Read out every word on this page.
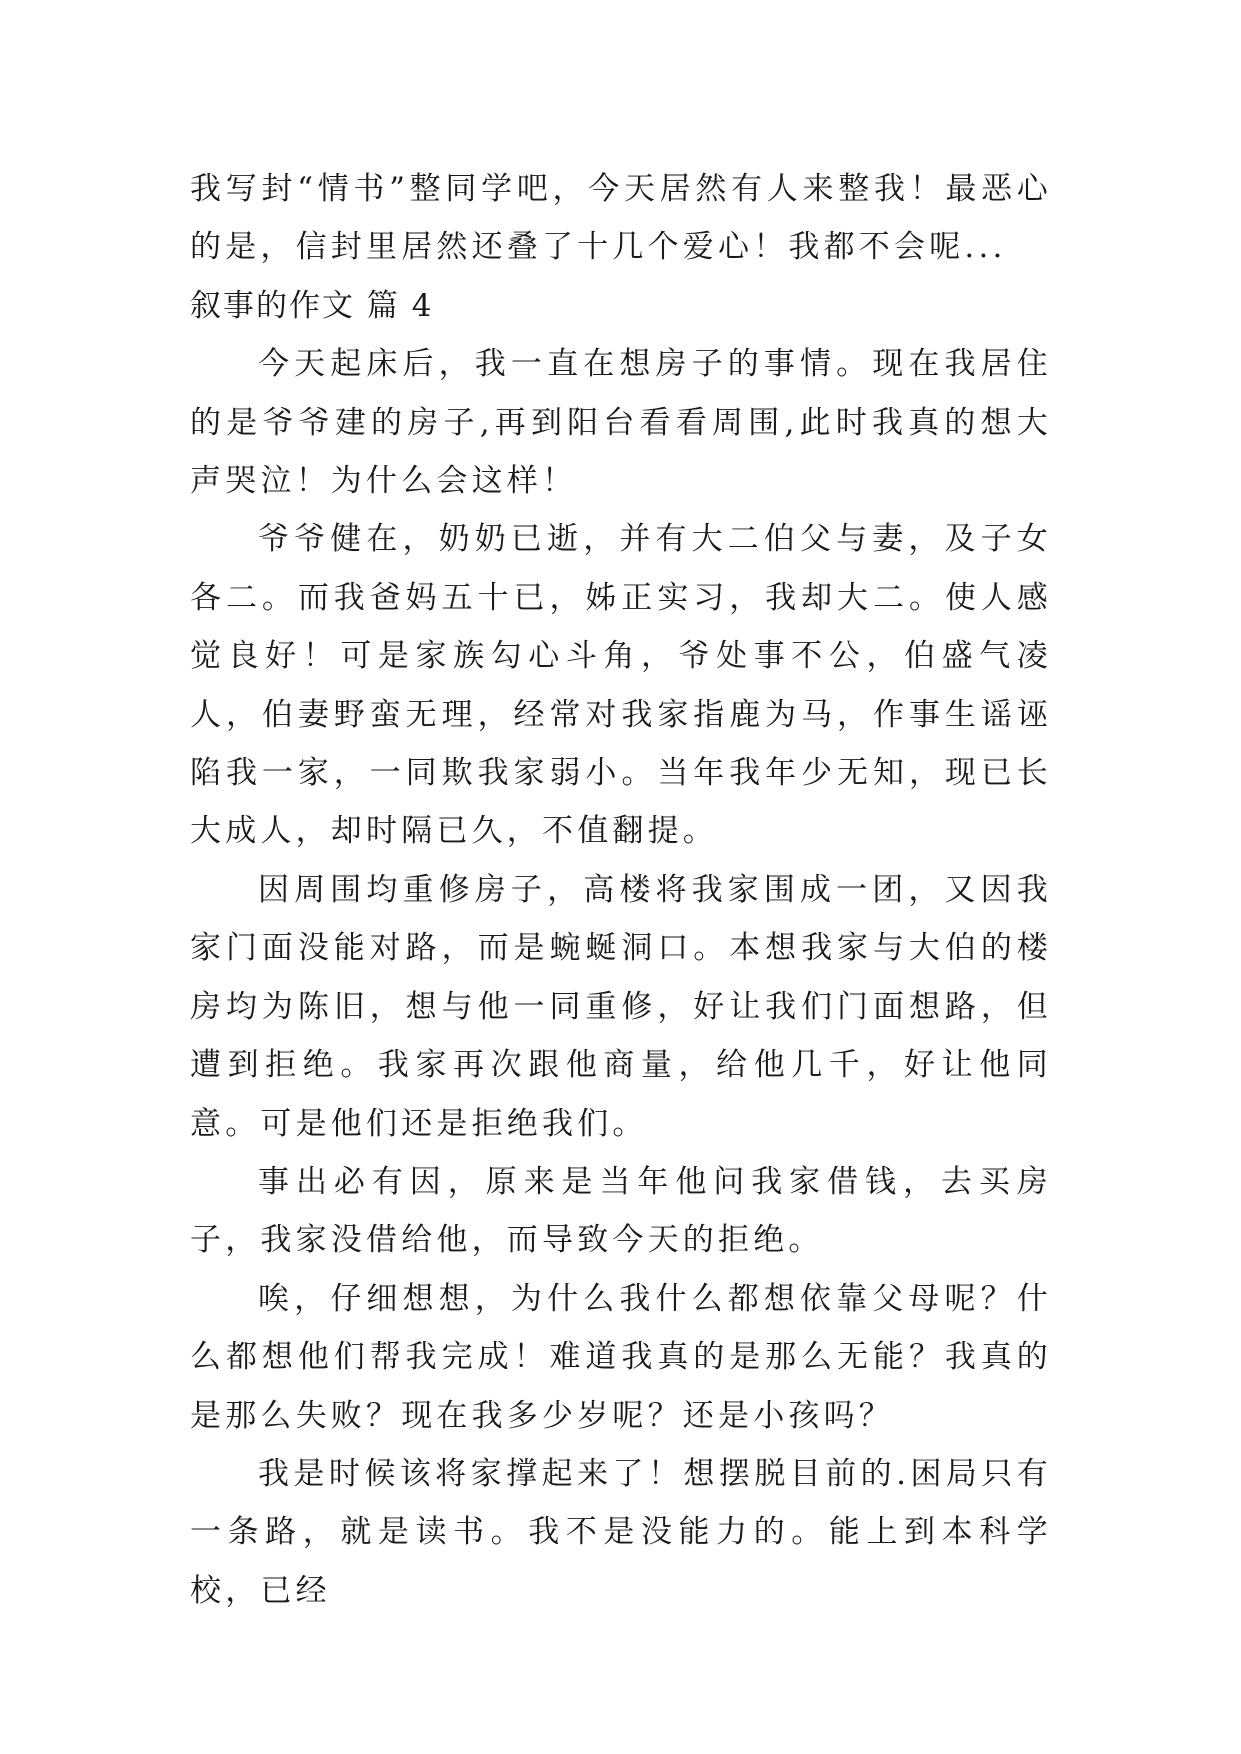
我写封“情书”整同学吧，今天居然有人来整我！最恶心的是，信封里居然还叠了十几个爱心！我都不会呢...

叙事的作文 篇 4

今天起床后，我一直在想房子的事情。现在我居住的是爷爷建的房子,再到阳台看看周围,此时我真的想大声哭泣！为什么会这样！

爷爷健在，奶奶已逝，并有大二伯父与妻，及子女各二。而我爸妈五十已，姊正实习，我却大二。使人感觉良好！可是家族勾心斗角，爷处事不公，伯盛气凌人，伯妻野蛮无理，经常对我家指鹿为马，作事生谣诬陷我一家，一同欺我家弱小。当年我年少无知，现已长大成人，却时隔已久，不值翻提。

因周围均重修房子，高楼将我家围成一团，又因我家门面没能对路，而是蜿蜒洞口。本想我家与大伯的楼房均为陈旧，想与他一同重修，好让我们门面想路，但遭到拒绝。我家再次跟他商量，给他几千，好让他同意。可是他们还是拒绝我们。

事出必有因，原来是当年他问我家借钱，去买房子，我家没借给他，而导致今天的拒绝。

唉，仔细想想，为什么我什么都想依靠父母呢？什么都想他们帮我完成！难道我真的是那么无能？我真的是那么失败？现在我多少岁呢？还是小孩吗？

我是时候该将家撑起来了！想摆脱目前的.困局只有一条路，就是读书。我不是没能力的。能上到本科学校，已经
